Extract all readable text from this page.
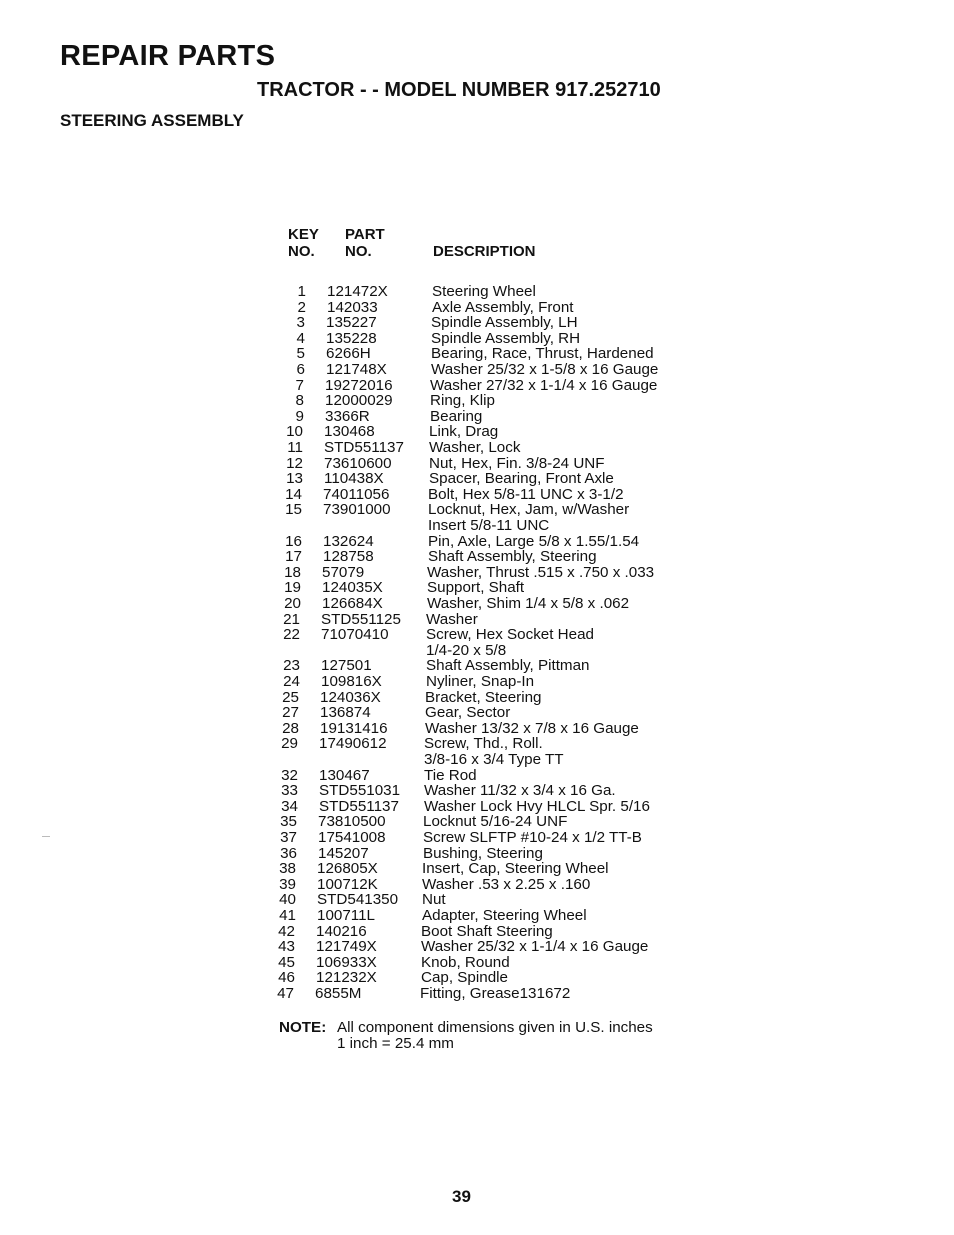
REPAIR PARTS
TRACTOR - - MODEL NUMBER 917.252710
STEERING ASSEMBLY
KEY
NO.
PART
NO.	DESCRIPTION
1 121472X	Steering Wheel
2 142033	Axle Assembly, Front
3 135227	Spindle Assembly, LH
4 135228	Spindle Assembly, RH
5 6266H	Bearing, Race, Thrust, Hardened
6 121748X	Washer 25/32 x 1-5/8 x 16 Gauge
7 19272016 Washer 27/32 x 1-1/4 x 16 Gauge
8 12000029 Ring, Klip
9 3366R	Bearing
10 130468	Link, Drag
11 STD551137 Washer, Lock
12 73610600 Nut, Hex, Fin. 3/8-24 UNF
13 110438X	Spacer, Bearing, Front Axle
14 74011056	Bolt, Hex 5/8-11 UNC x 3-1/2
15 73901000 Locknut, Hex, Jam, w/Washer
Insert 5/8-11 UNC
16 132624	Pin, Axle, Large 5/8 x 1.55/1.54
17 128758	Shaft Assembly, Steering
18 57079	Washer, Thrust .515 x .750 x .033
19 124035X	Support, Shaft
20 126684X	Washer, Shim 1/4 x 5/8 x .062
21 STD551125 Washer
22 71070410 Screw, Hex Socket Head
1/4-20 x 5/8
23 127501	Shaft Assembly, Pittman
24 109816X	Nyliner, Snap-In
25 124036X	Bracket, Steering
27 136874	Gear, Sector
28 19131416 Washer 13/32 x 7/8 x 16 Gauge
29 17490612 Screw, Thd., Roll.
3/8-16 x 3/4 Type TT
32 130467	Tie Rod
33 STD551031 Washer 11/32 x 3/4 x 16 Ga.
34 STD551137 Washer Lock Hvy HLCL Spr. 5/16
35 73810500 Locknut 5/16-24 UNF
37 17541008 Screw SLFTP #10-24 x 1/2 TT-B
36 145207	Bushing, Steering
38 126805X	Insert, Cap, Steering Wheel
39 100712K	Washer .53 x 2.25 x .160
40 STD541350 Nut
41 100711L	Adapter, Steering Wheel
42 140216	Boot Shaft Steering
43 121749X	Washer 25/32 x 1-1/4 x 16 Gauge
45 106933X	Knob, Round
46 121232X	Cap, Spindle
47 6855M	Fitting, Grease131672
NOTE: All component dimensions given in U.S. inches
1 inch = 25.4 mm
39
